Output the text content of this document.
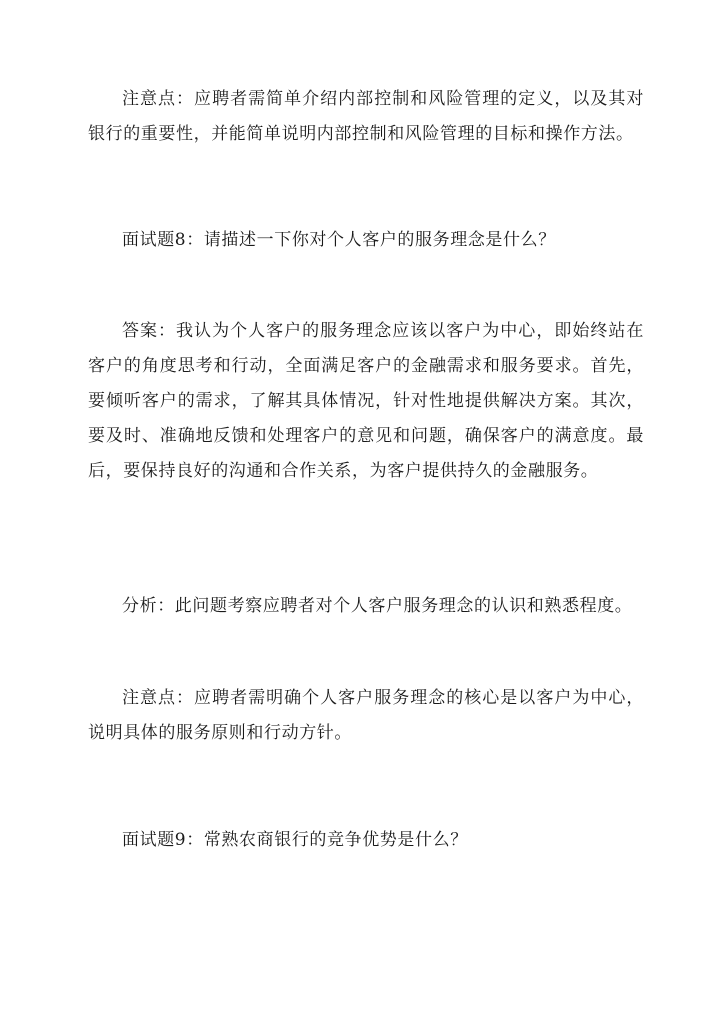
注意点：应聘者需简单介绍内部控制和风险管理的定义，以及其对银行的重要性，并能简单说明内部控制和风险管理的目标和操作方法。

面试题8：请描述一下你对个人客户的服务理念是什么？

答案：我认为个人客户的服务理念应该以客户为中心，即始终站在客户的角度思考和行动，全面满足客户的金融需求和服务要求。首先，要倾听客户的需求，了解其具体情况，针对性地提供解决方案。其次，要及时、准确地反馈和处理客户的意见和问题，确保客户的满意度。最后，要保持良好的沟通和合作关系，为客户提供持久的金融服务。

分析：此问题考察应聘者对个人客户服务理念的认识和熟悉程度。

注意点：应聘者需明确个人客户服务理念的核心是以客户为中心，说明具体的服务原则和行动方针。

面试题9：常熟农商银行的竞争优势是什么？
